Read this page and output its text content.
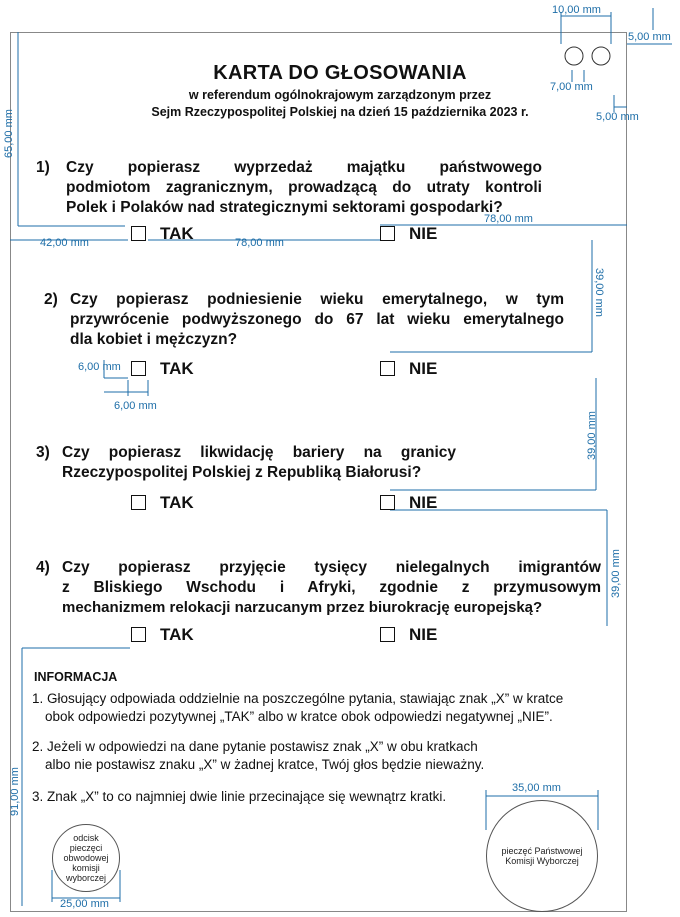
KARTA DO GŁOSOWANIA
w referendum ogólnokrajowym zarządzonym przez
Sejm Rzeczypospolitej Polskiej na dzień 15 października 2023 r.
1) Czy popierasz wyprzedaż majątku państwowego
podmiotom zagranicznym, prowadzącą do utraty kontroli
Polek i Polaków nad strategicznymi sektorami gospodarki?
TAK	NIE
2) Czy popierasz podniesienie wieku emerytalnego, w tym
przywrócenie podwyższonego do 67 lat wieku emerytalnego
dla kobiet i mężczyzn?
TAK	NIE
3) Czy popierasz likwidację bariery na granicy
Rzeczypospolitej Polskiej z Republiką Białorusi?
TAK	NIE
4) Czy popierasz przyjęcie tysięcy nielegalnych imigrantów
z Bliskiego Wschodu i Afryki, zgodnie z przymusowym
mechanizmem relokacji narzucanym przez biurokrację europejską?
TAK	NIE
INFORMACJA
1. Głosujący odpowiada oddzielnie na poszczególne pytania, stawiając znak „X” w kratce
obok odpowiedzi pozytywnej „TAK” albo w kratce obok odpowiedzi negatywnej „NIE”.
2. Jeżeli w odpowiedzi na dane pytanie postawisz znak „X” w obu kratkach
albo nie postawisz znaku „X” w żadnej kratce, Twój głos będzie nieważny.
3. Znak „X” to co najmniej dwie linie przecinające się wewnątrz kratki.
odcisk
pieczęci
obwodowej
komisji
wyborczej
pieczęć Państwowej
Komisji Wyborczej
10,00 mm
5,00 mm
7,00 mm
5,00 mm
65,00 mm
42,00 mm	78,00 mm
78,00 mm
39,00 mm
6,00 mm
6,00 mm
39,00 mm
39,00 mm
91,00 mm
25,00 mm
35,00 mm
